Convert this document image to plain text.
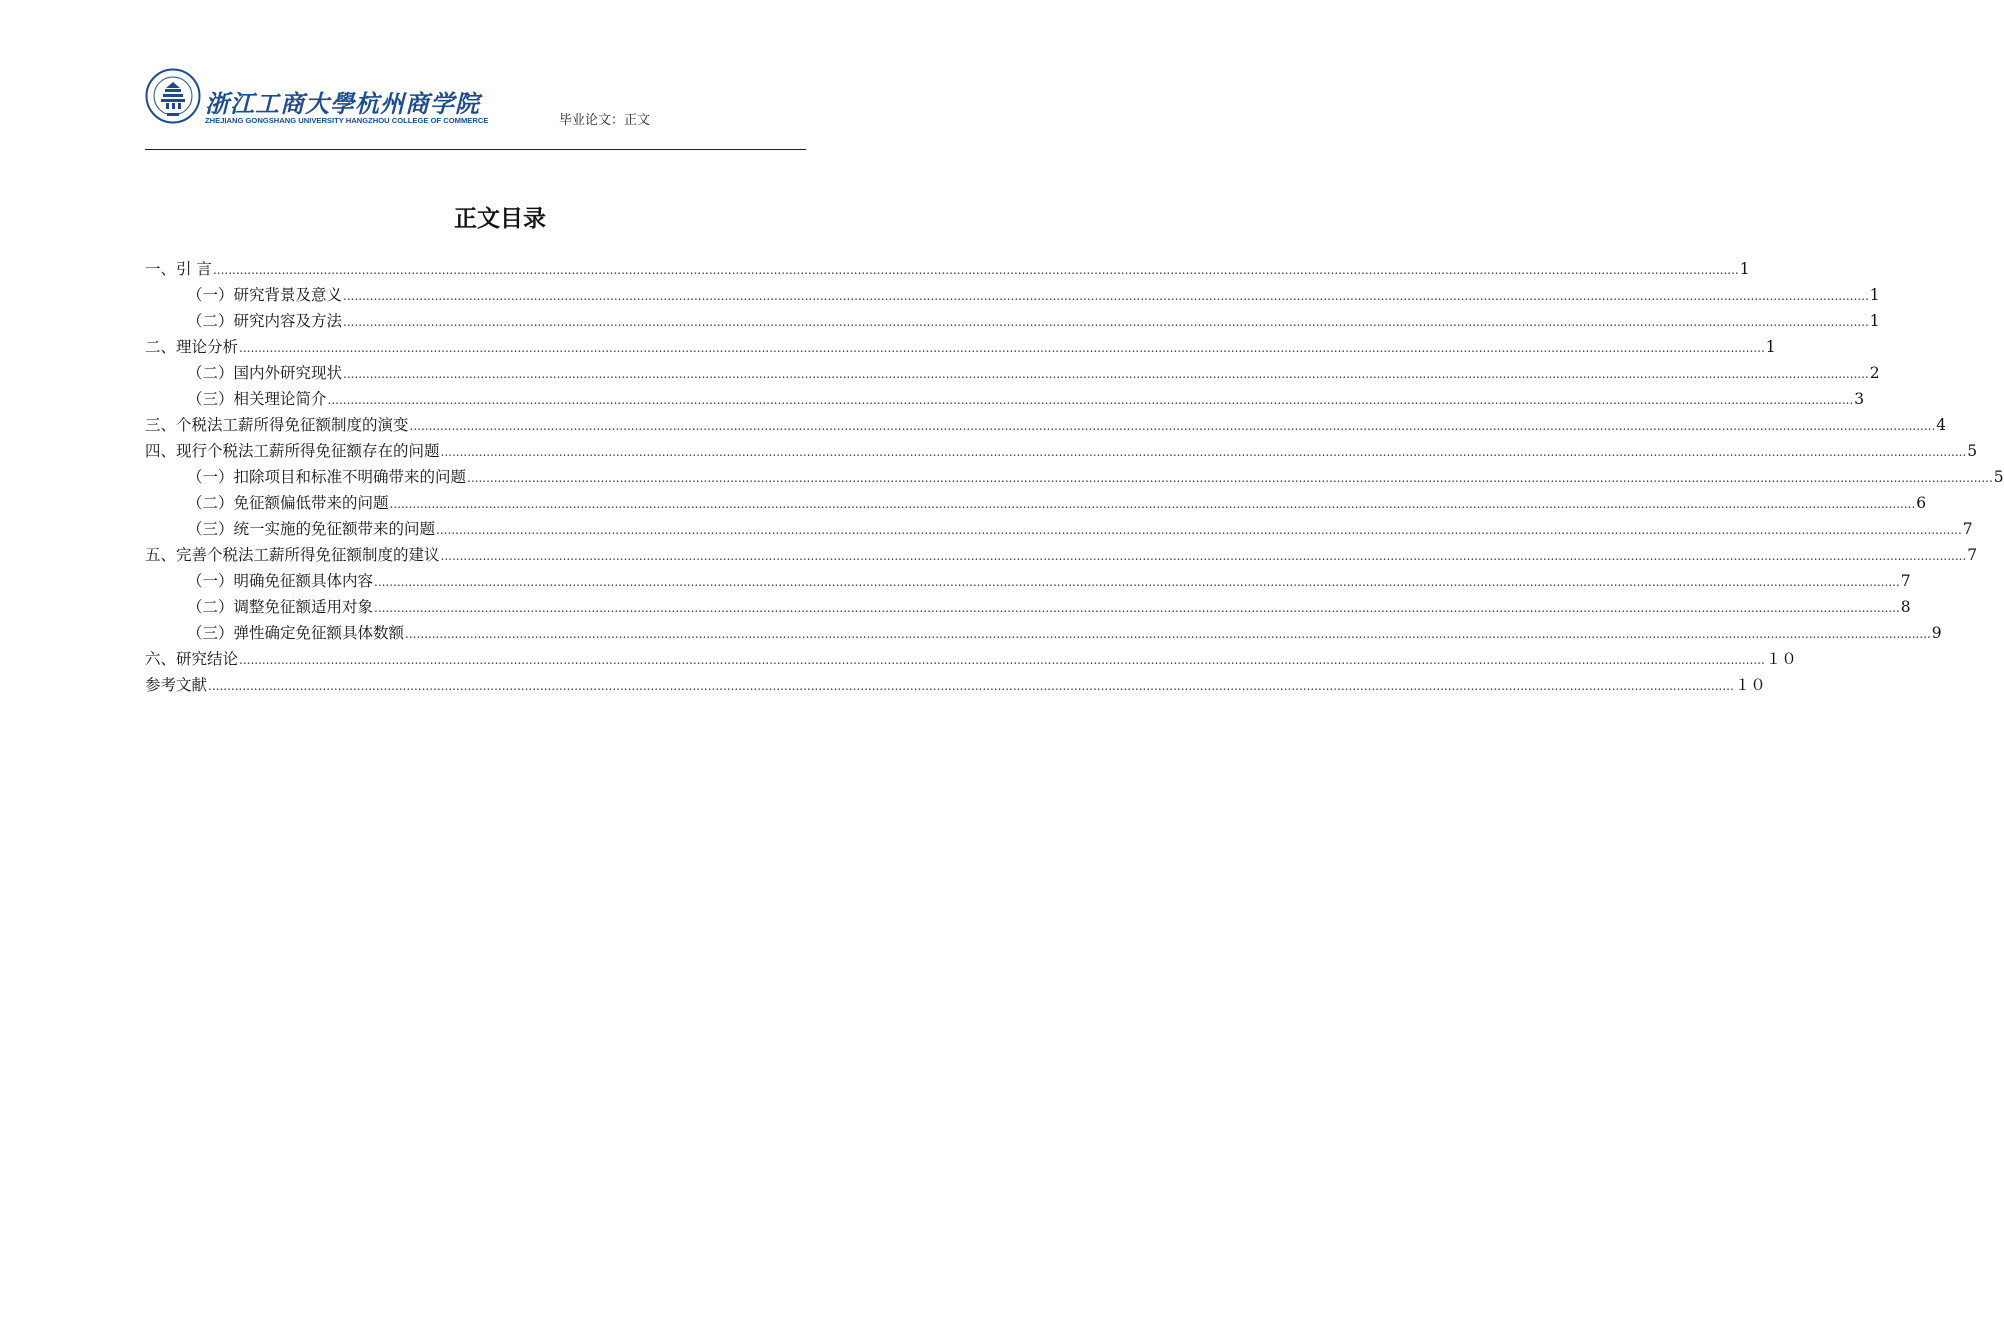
浙江工商大學杭州商学院
ZHEJIANG GONGSHANG UNIVERSITY HANGZHOU COLLEGE OF COMMERCE	毕业论文：正文
正文目录
一、引 言 ................................................................................................................................................................................................................................................................................................................................................................................................................ 1
（一）研究背景及意义 ................................................................................................................................................................................................................................................................................................................................................................................................................ 1
（二）研究内容及方法 ................................................................................................................................................................................................................................................................................................................................................................................................................ 1
二、理论分析 ................................................................................................................................................................................................................................................................................................................................................................................................................ 1
（二）国内外研究现状 ................................................................................................................................................................................................................................................................................................................................................................................................................ 2
（三）相关理论简介 ................................................................................................................................................................................................................................................................................................................................................................................................................ 3
三、个税法工薪所得免征额制度的演变 ................................................................................................................................................................................................................................................................................................................................................................................................................ 4
四、现行个税法工薪所得免征额存在的问题 ................................................................................................................................................................................................................................................................................................................................................................................................................ 5
（一）扣除项目和标准不明确带来的问题 ................................................................................................................................................................................................................................................................................................................................................................................................................ 5
（二）免征额偏低带来的问题 ................................................................................................................................................................................................................................................................................................................................................................................................................ 6
（三）统一实施的免征额带来的问题 ................................................................................................................................................................................................................................................................................................................................................................................................................ 7
五、完善个税法工薪所得免征额制度的建议 ................................................................................................................................................................................................................................................................................................................................................................................................................ 7
（一）明确免征额具体内容 ................................................................................................................................................................................................................................................................................................................................................................................................................ 7
（二）调整免征额适用对象 ................................................................................................................................................................................................................................................................................................................................................................................................................ 8
（三）弹性确定免征额具体数额 ................................................................................................................................................................................................................................................................................................................................................................................................................ 9
六、研究结论 ................................................................................................................................................................................................................................................................................................................................................................................................................ １０
参考文献 ................................................................................................................................................................................................................................................................................................................................................................................................................ １０
